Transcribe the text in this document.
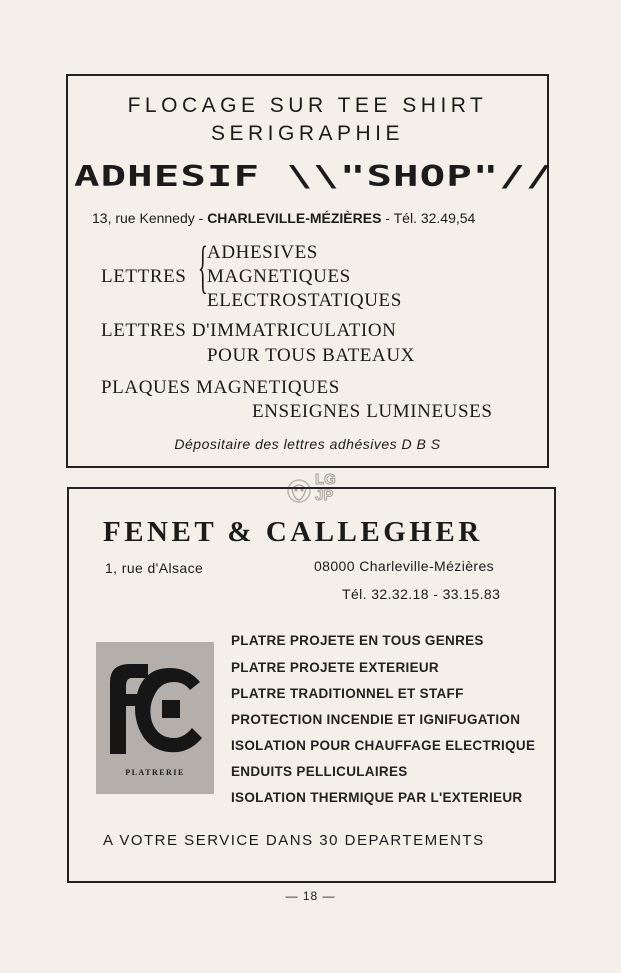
FLOCAGE SUR TEE SHIRT
SERIGRAPHIE
ADHESIF \\"SHOP"//
13, rue Kennedy - CHARLEVILLE-MÉZIÈRES - Tél. 32.49,54
LETTRES { ADHESIVES
MAGNETIQUES
ELECTROSTATIQUES
LETTRES D'IMMATRICULATION
POUR TOUS BATEAUX
PLAQUES MAGNETIQUES
ENSEIGNES LUMINEUSES
Dépositaire des lettres adhésives D B S
LG
JP
FENET & CALLEGHER
1, rue d'Alsace	08000 Charleville-Mézières
Tél. 32.32.18 - 33.15.83
PLATRE PROJETE EN TOUS GENRES
PLATRE PROJETE EXTERIEUR
PLATRE TRADITIONNEL ET STAFF
PROTECTION INCENDIE ET IGNIFUGATION
ISOLATION POUR CHAUFFAGE ELECTRIQUE
ENDUITS PELLICULAIRES
ISOLATION THERMIQUE PAR L'EXTERIEUR
A VOTRE SERVICE DANS 30 DEPARTEMENTS
PLATRERIE
— 18 —
